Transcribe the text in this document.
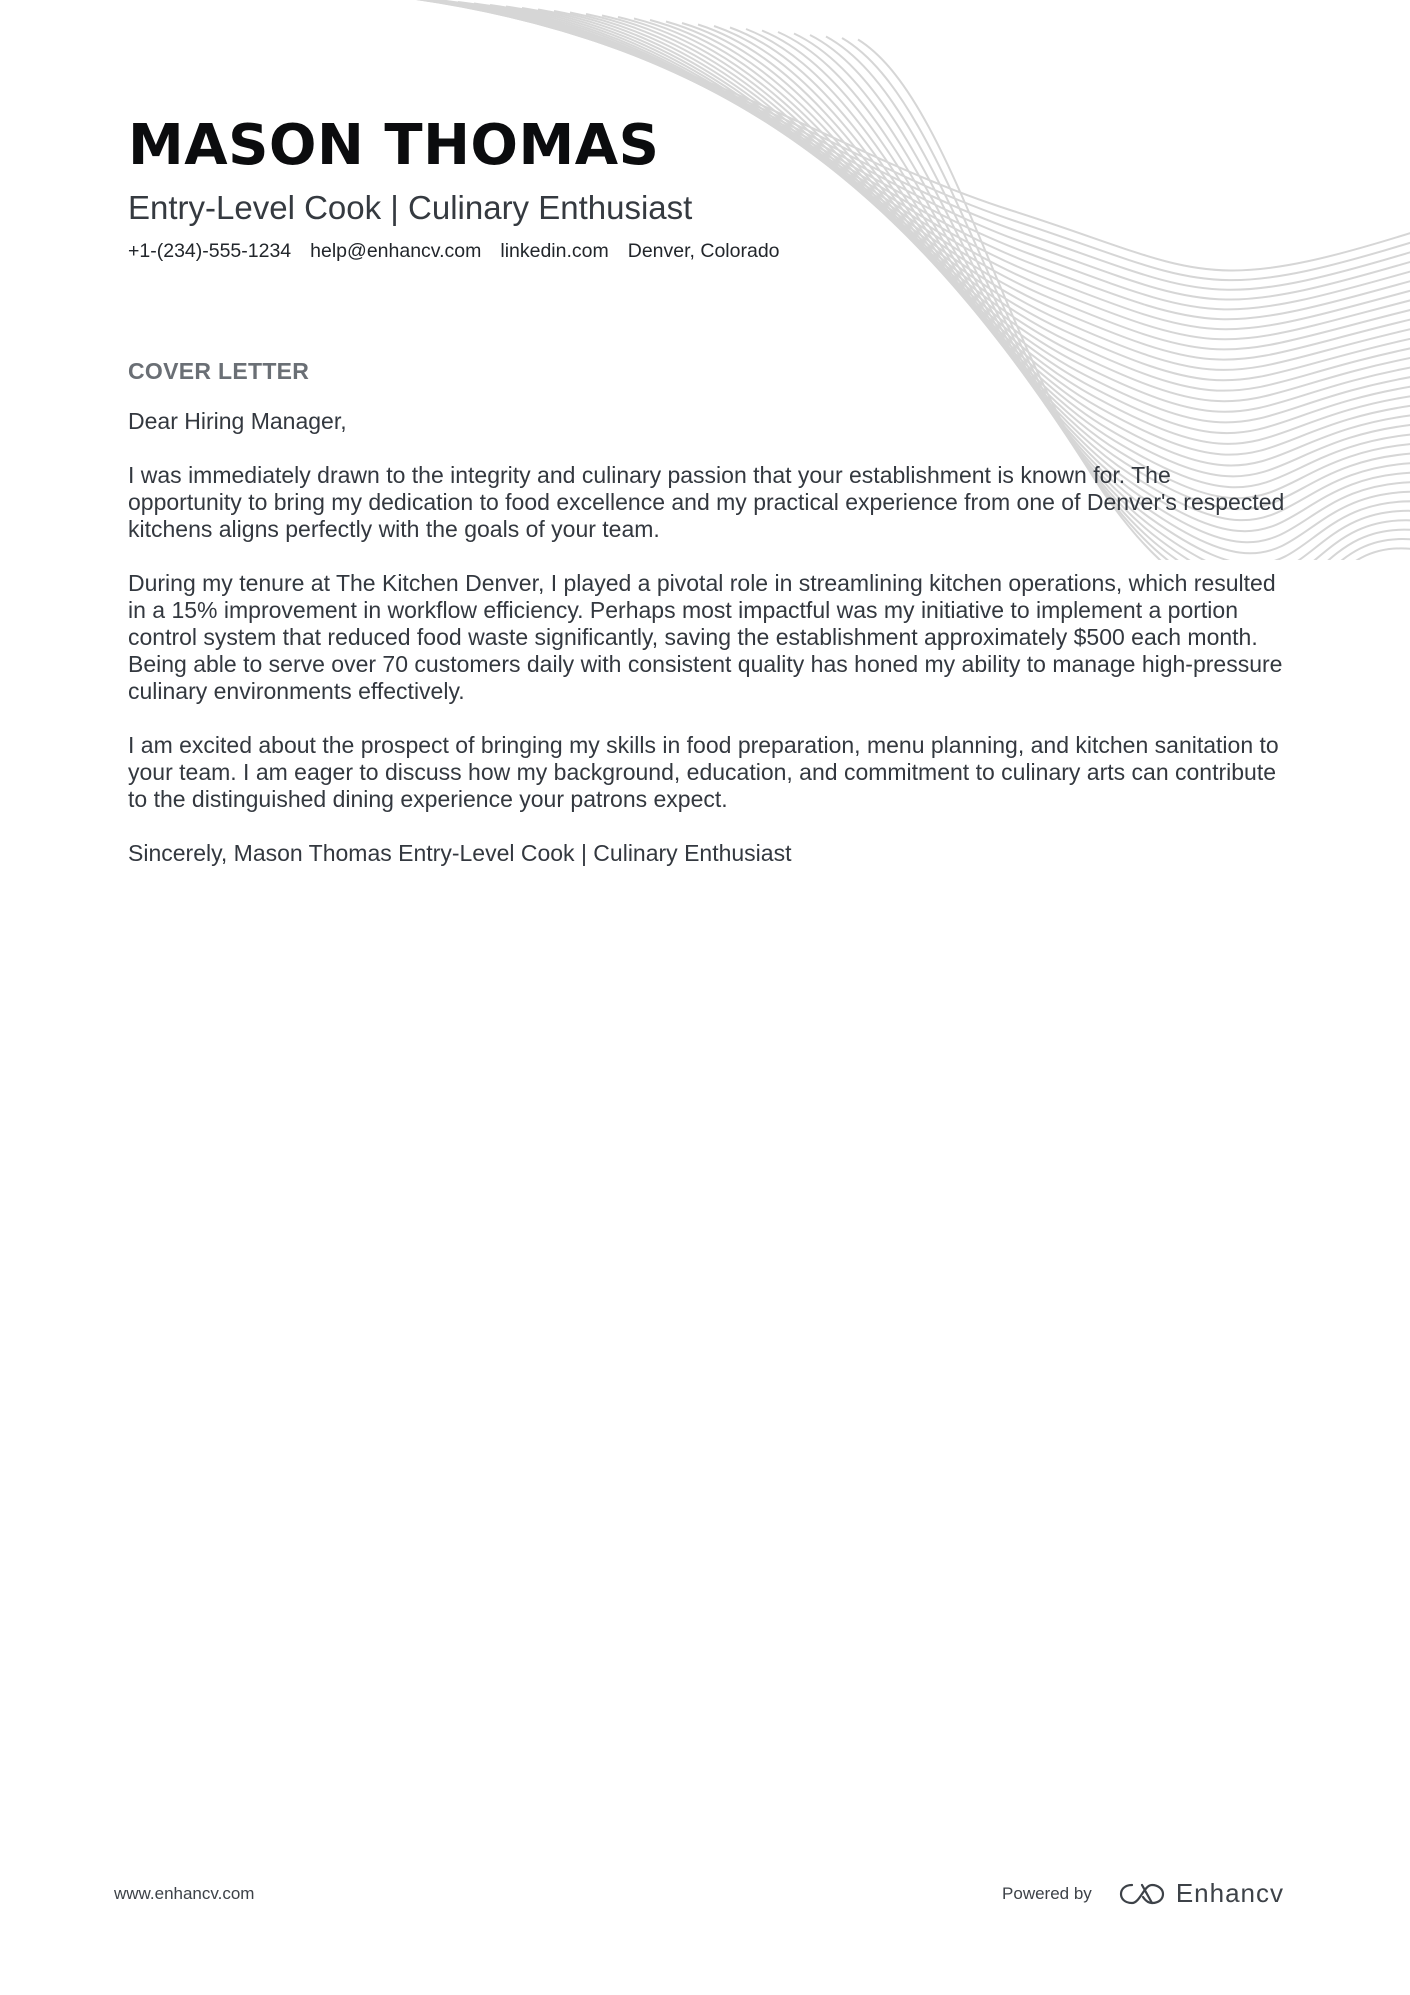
MASON THOMAS
Entry-Level Cook | Culinary Enthusiast
+1-(234)-555-1234 help@enhancv.com linkedin.com Denver, Colorado
COVER LETTER

Dear Hiring Manager,

I was immediately drawn to the integrity and culinary passion that your establishment is known for. The opportunity to bring my dedication to food excellence and my practical experience from one of Denver's respected kitchens aligns perfectly with the goals of your team.

During my tenure at The Kitchen Denver, I played a pivotal role in streamlining kitchen operations, which resulted in a 15% improvement in workflow efficiency. Perhaps most impactful was my initiative to implement a portion control system that reduced food waste significantly, saving the establishment approximately $500 each month. Being able to serve over 70 customers daily with consistent quality has honed my ability to manage high-pressure culinary environments effectively.

I am excited about the prospect of bringing my skills in food preparation, menu planning, and kitchen sanitation to your team. I am eager to discuss how my background, education, and commitment to culinary arts can contribute to the distinguished dining experience your patrons expect.

Sincerely, Mason Thomas Entry-Level Cook | Culinary Enthusiast

www.enhancv.com	Powered by	Enhancv
